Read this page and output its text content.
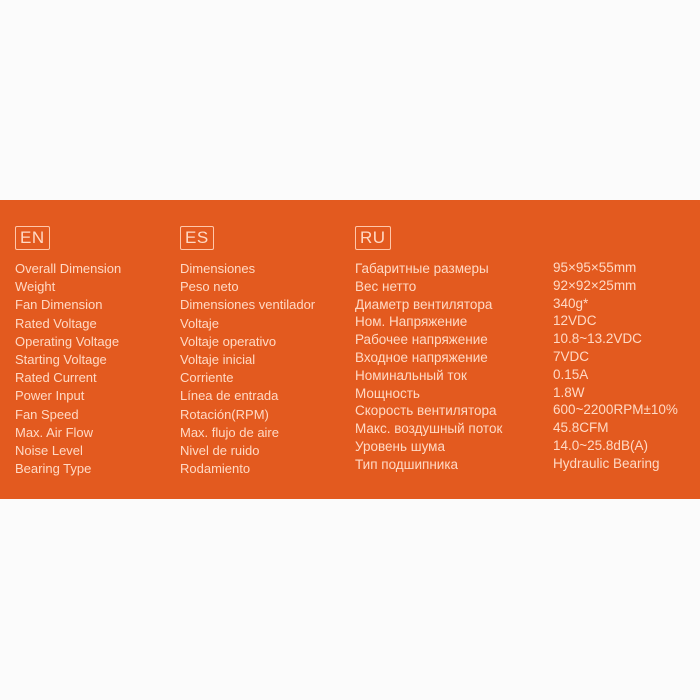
EN
Overall Dimension
Weight
Fan Dimension
Rated Voltage
Operating Voltage
Starting Voltage
Rated Current
Power Input
Fan Speed
Max. Air Flow
Noise Level
Bearing Type
ES
Dimensiones
Peso neto
Dimensiones ventilador
Voltaje
Voltaje operativo
Voltaje inicial
Corriente
Línea de entrada
Rotación(RPM)
Max. flujo de aire
Nivel de ruido
Rodamiento
RU
Габаритные размеры
Вес нетто
Диаметр вентилятора
Ном. Напряжение
Рабочее напряжение
Входное напряжение
Номинальный ток
Мощность
Скорость вентилятора
Макс. воздушный поток
Уровень шума
Тип подшипника
95×95×55mm
92×92×25mm
340g*
12VDC
10.8~13.2VDC
7VDC
0.15A
1.8W
600~2200RPM±10%
45.8CFM
14.0~25.8dB(A)
Hydraulic Bearing
